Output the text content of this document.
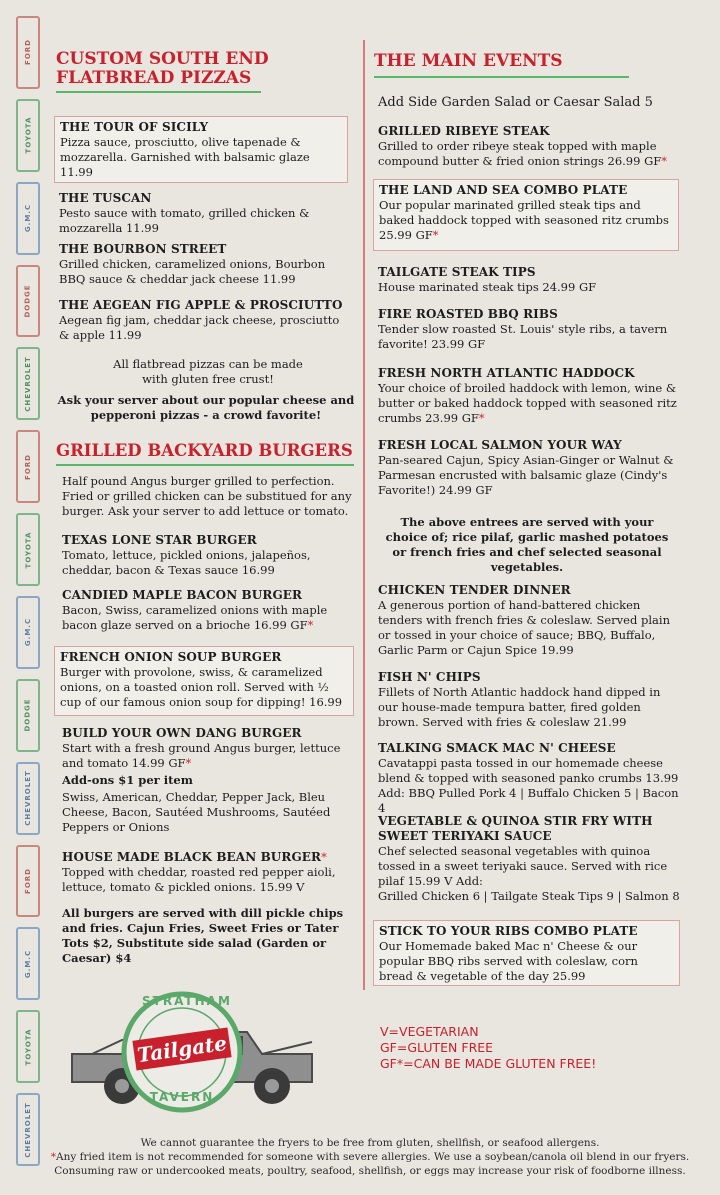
FORD
TOYOTA
G.M.C
DODGE
CHEVROLET
FORD
TOYOTA
G.M.C
DODGE
CHEVROLET
FORD
G.M.C
TOYOTA
CHEVROLET
CUSTOM SOUTH END
FLATBREAD PIZZAS
THE TOUR OF SICILY
Pizza sauce, prosciutto, olive tapenade & mozzarella. Garnished with balsamic glaze 11.99
THE TUSCAN
Pesto sauce with tomato, grilled chicken & mozzarella 11.99
THE BOURBON STREET
Grilled chicken, caramelized onions, Bourbon BBQ sauce & cheddar jack cheese 11.99
THE AEGEAN FIG APPLE & PROSCIUTTO
Aegean fig jam, cheddar jack cheese, prosciutto & apple 11.99
All flatbread pizzas can be made with gluten free crust!
Ask your server about our popular cheese and pepperoni pizzas - a crowd favorite!
GRILLED BACKYARD BURGERS
Half pound Angus burger grilled to perfection. Fried or grilled chicken can be substitued for any burger. Ask your server to add lettuce or tomato.
TEXAS LONE STAR BURGER
Tomato, lettuce, pickled onions, jalapeños, cheddar, bacon & Texas sauce 16.99
CANDIED MAPLE BACON BURGER
Bacon, Swiss, caramelized onions with maple bacon glaze served on a brioche 16.99 GF*
FRENCH ONION SOUP BURGER
Burger with provolone, swiss, & caramelized onions, on a toasted onion roll. Served with ½ cup of our famous onion soup for dipping! 16.99
BUILD YOUR OWN DANG BURGER
Start with a fresh ground Angus burger, lettuce and tomato 14.99 GF*
Add-ons $1 per item
Swiss, American, Cheddar, Pepper Jack, Bleu Cheese, Bacon, Sautéed Mushrooms, Sautéed Peppers or Onions
HOUSE MADE BLACK BEAN BURGER*
Topped with cheddar, roasted red pepper aioli, lettuce, tomato & pickled onions. 15.99 V
All burgers are served with dill pickle chips and fries. Cajun Fries, Sweet Fries or Tater Tots $2, Substitute side salad (Garden or Caesar) $4
STRATHAM
Tailgate
TAVERN
THE MAIN EVENTS
Add Side Garden Salad or Caesar Salad 5
GRILLED RIBEYE STEAK
Grilled to order ribeye steak topped with maple compound butter & fried onion strings 26.99 GF*
THE LAND AND SEA COMBO PLATE
Our popular marinated grilled steak tips and baked haddock topped with seasoned ritz crumbs 25.99 GF*
TAILGATE STEAK TIPS
House marinated steak tips 24.99 GF
FIRE ROASTED BBQ RIBS
Tender slow roasted St. Louis' style ribs, a tavern favorite! 23.99 GF
FRESH NORTH ATLANTIC HADDOCK
Your choice of broiled haddock with lemon, wine & butter or baked haddock topped with seasoned ritz crumbs 23.99 GF*
FRESH LOCAL SALMON YOUR WAY
Pan-seared Cajun, Spicy Asian-Ginger or Walnut & Parmesan encrusted with balsamic glaze (Cindy's Favorite!) 24.99 GF
The above entrees are served with your choice of; rice pilaf, garlic mashed potatoes or french fries and chef selected seasonal vegetables.
CHICKEN TENDER DINNER
A generous portion of hand-battered chicken tenders with french fries & coleslaw. Served plain or tossed in your choice of sauce; BBQ, Buffalo, Garlic Parm or Cajun Spice 19.99
FISH N' CHIPS
Fillets of North Atlantic haddock hand dipped in our house-made tempura batter, fired golden brown. Served with fries & coleslaw 21.99
TALKING SMACK MAC N' CHEESE
Cavatappi pasta tossed in our homemade cheese blend & topped with seasoned panko crumbs 13.99
Add: BBQ Pulled Pork 4 | Buffalo Chicken 5 | Bacon 4
VEGETABLE & QUINOA STIR FRY WITH SWEET TERIYAKI SAUCE
Chef selected seasonal vegetables with quinoa tossed in a sweet teriyaki sauce. Served with rice pilaf 15.99 V Add:
Grilled Chicken 6 | Tailgate Steak Tips 9 | Salmon 8
STICK TO YOUR RIBS COMBO PLATE
Our Homemade baked Mac n' Cheese & our popular BBQ ribs served with coleslaw, corn bread & vegetable of the day 25.99
V=VEGETARIAN
GF=GLUTEN FREE
GF*=CAN BE MADE GLUTEN FREE!
We cannot guarantee the fryers to be free from gluten, shellfish, or seafood allergens.
*Any fried item is not recommended for someone with severe allergies. We use a soybean/canola oil blend in our fryers.
Consuming raw or undercooked meats, poultry, seafood, shellfish, or eggs may increase your risk of foodborne illness.
